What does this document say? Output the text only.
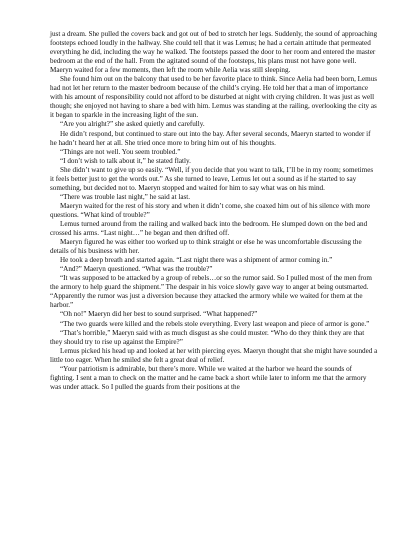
just a dream. She pulled the covers back and got out of bed to stretch her legs. Suddenly, the sound of approaching footsteps echoed loudly in the hallway. She could tell that it was Lemus; he had a certain attitude that permeated everything he did, including the way he walked. The footsteps passed the door to her room and entered the master bedroom at the end of the hall. From the agitated sound of the footsteps, his plans must not have gone well. Maeryn waited for a few moments, then left the room while Aelia was still sleeping.

She found him out on the balcony that used to be her favorite place to think. Since Aelia had been born, Lemus had not let her return to the master bedroom because of the child’s crying. He told her that a man of importance with his amount of responsibility could not afford to be disturbed at night with crying children. It was just as well though; she enjoyed not having to share a bed with him. Lemus was standing at the railing, overlooking the city as it began to sparkle in the increasing light of the sun.

“Are you alright?” she asked quietly and carefully.

He didn’t respond, but continued to stare out into the bay. After several seconds, Maeryn started to wonder if he hadn’t heard her at all. She tried once more to bring him out of his thoughts.

“Things are not well. You seem troubled.”

“I don’t wish to talk about it,” he stated flatly.

She didn’t want to give up so easily. “Well, if you decide that you want to talk, I’ll be in my room; sometimes it feels better just to get the words out.” As she turned to leave, Lemus let out a sound as if he started to say something, but decided not to. Maeryn stopped and waited for him to say what was on his mind.

“There was trouble last night,” he said at last.

Maeryn waited for the rest of his story and when it didn’t come, she coaxed him out of his silence with more questions. “What kind of trouble?”

Lemus turned around from the railing and walked back into the bedroom. He slumped down on the bed and crossed his arms. “Last night…” he began and then drifted off.

Maeryn figured he was either too worked up to think straight or else he was uncomfortable discussing the details of his business with her.

He took a deep breath and started again. “Last night there was a shipment of armor coming in.”

“And?” Maeryn questioned. “What was the trouble?”

“It was supposed to be attacked by a group of rebels…or so the rumor said. So I pulled most of the men from the armory to help guard the shipment.” The despair in his voice slowly gave way to anger at being outsmarted. “Apparently the rumor was just a diversion because they attacked the armory while we waited for them at the harbor.”

“Oh no!” Maeryn did her best to sound surprised. “What happened?”

“The two guards were killed and the rebels stole everything. Every last weapon and piece of armor is gone.”

“That’s horrible,” Maeryn said with as much disgust as she could muster. “Who do they think they are that they should try to rise up against the Empire?”

Lemus picked his head up and looked at her with piercing eyes. Maeryn thought that she might have sounded a little too eager. When he smiled she felt a great deal of relief.

“Your patriotism is admirable, but there’s more. While we waited at the harbor we heard the sounds of fighting. I sent a man to check on the matter and he came back a short while later to inform me that the armory was under attack. So I pulled the guards from their positions at the
